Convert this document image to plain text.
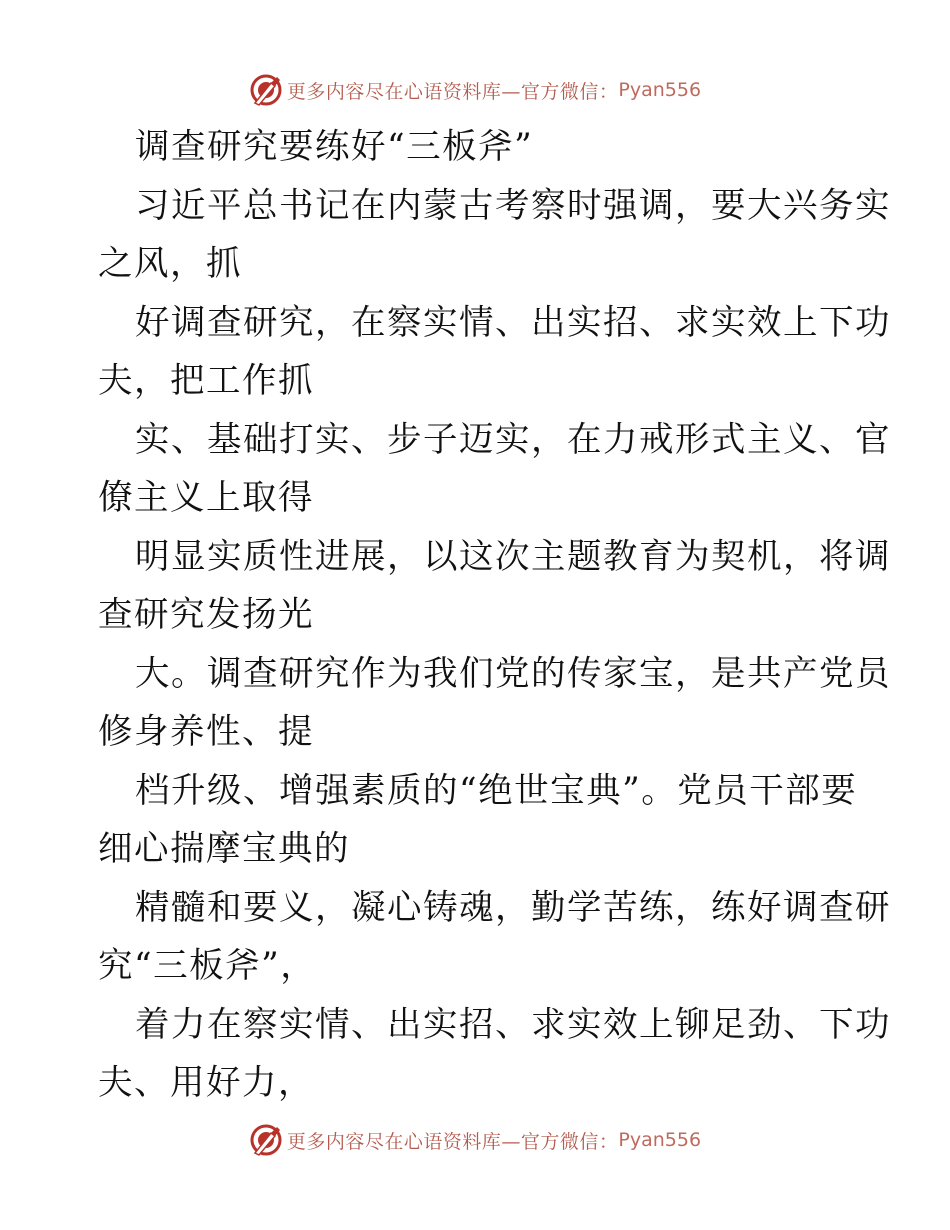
更多内容尽在心语资料库—官方微信： Pyan556
调查研究要练好“三板斧”
习近平总书记在内蒙古考察时强调，要大兴务实
之风，抓
好调查研究，在察实情、出实招、求实效上下功
夫，把工作抓
实、基础打实、步子迈实，在力戒形式主义、官
僚主义上取得
明显实质性进展，以这次主题教育为契机，将调
查研究发扬光
大。调查研究作为我们党的传家宝，是共产党员
修身养性、提
档升级、增强素质的“绝世宝典”。党员干部要
细心揣摩宝典的
精髓和要义，凝心铸魂，勤学苦练，练好调查研
究“三板斧”，
着力在察实情、出实招、求实效上铆足劲、下功
夫、用好力，
更多内容尽在心语资料库—官方微信： Pyan556
